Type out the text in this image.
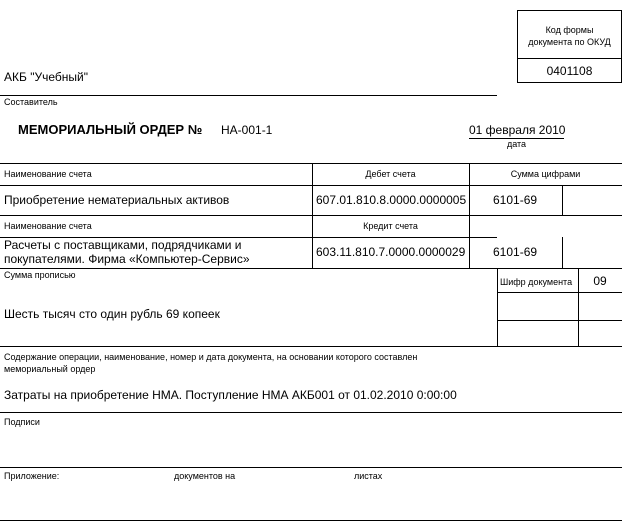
Код формы
документа по ОКУД
0401108
АКБ "Учебный"
Составитель
МЕМОРИАЛЬНЫЙ ОРДЕР № НА-001-1	01 февраля 2010
дата
Наименование счета	Дебет счета	Сумма цифрами
Приобретение нематериальных активов	607.01.810.8.0000.0000005 6101-69
Наименование счета	Кредит счета
Расчеты с поставщиками, подрядчиками и
покупателями. Фирма «Компьютер-Сервис»	603.11.810.7.0000.0000029 6101-69
Сумма прописью
Шесть тысяч сто один рубль 69 копеек
Шифр документа	09
Содержание операции, наименование, номер и дата документа, на основании которого составлен
мемориальный ордер
Затраты на приобретение НМА. Поступление НМА АКБ001 от 01.02.2010 0:00:00
Подписи
Приложение:	документов на	листах
